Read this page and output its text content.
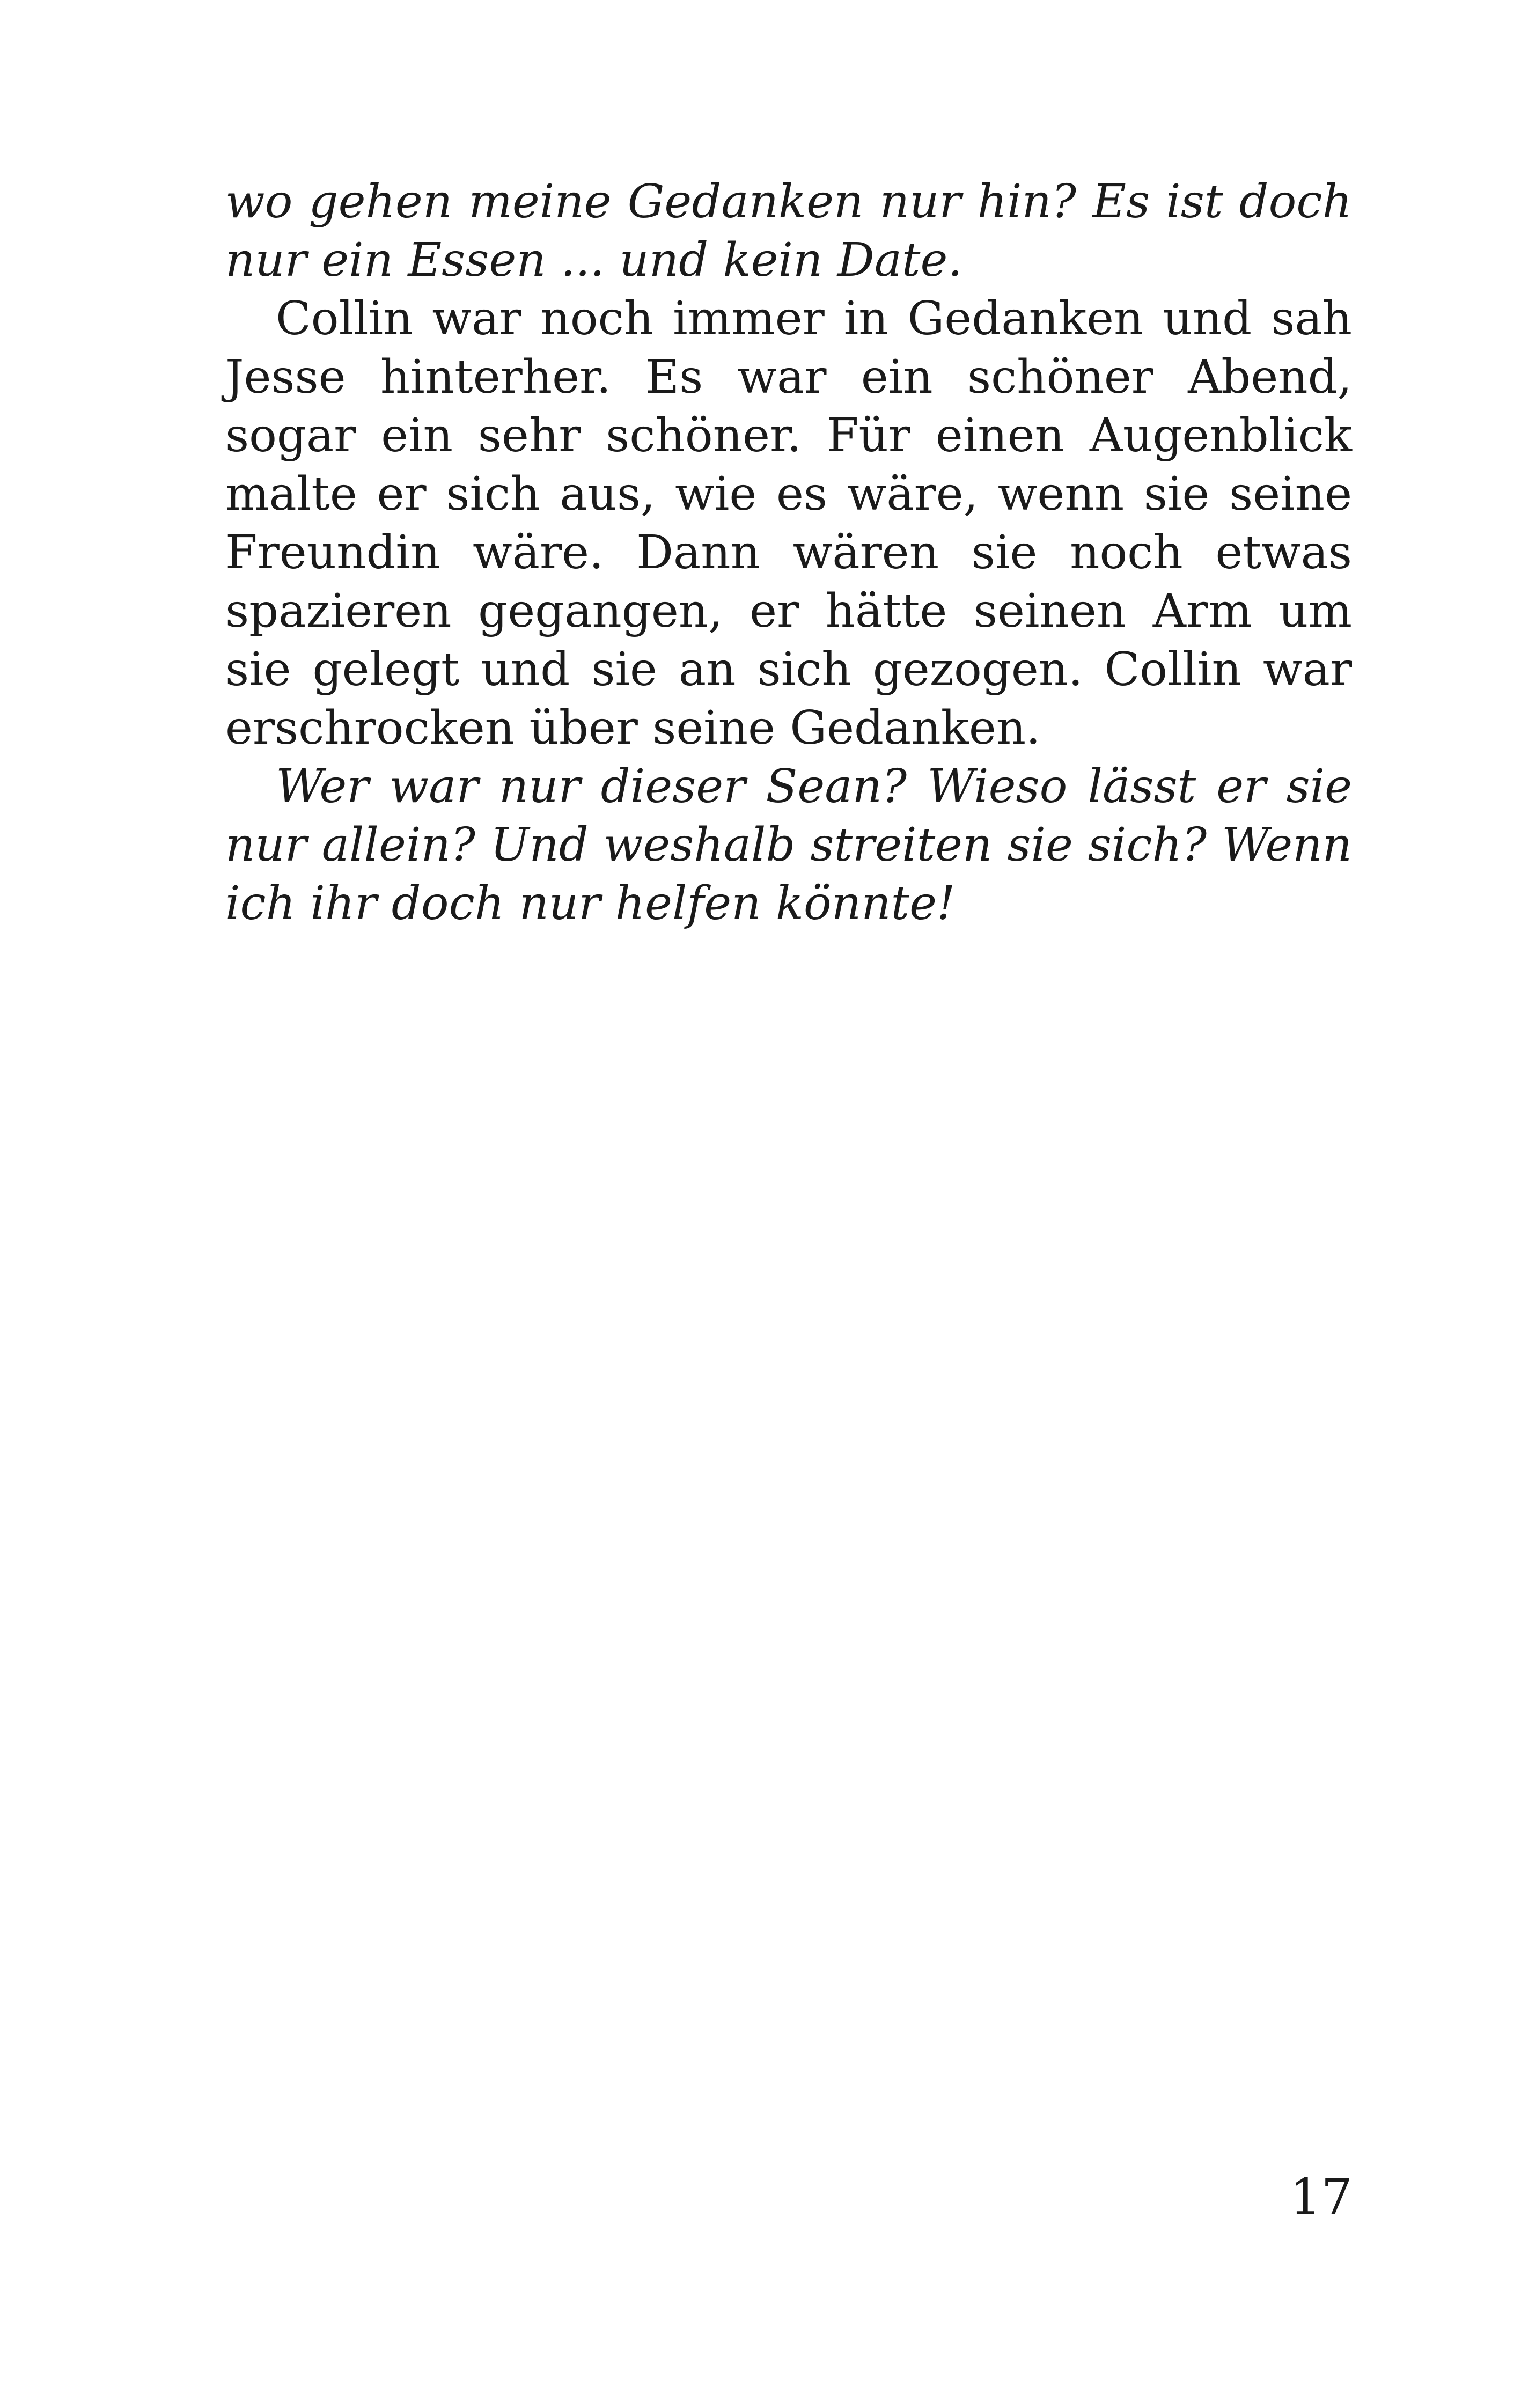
wo gehen meine Gedanken nur hin? Es ist doch nur ein Essen ... und kein Date.

Collin war noch immer in Gedanken und sah Jesse hinterher. Es war ein schöner Abend, sogar ein sehr schöner. Für einen Augenblick malte er sich aus, wie es wäre, wenn sie seine Freundin wäre. Dann wären sie noch etwas spazieren gegangen, er hätte seinen Arm um sie gelegt und sie an sich gezogen. Collin war erschrocken über seine Gedanken.

Wer war nur dieser Sean? Wieso lässt er sie nur allein? Und weshalb streiten sie sich? Wenn ich ihr doch nur helfen könnte!

17
